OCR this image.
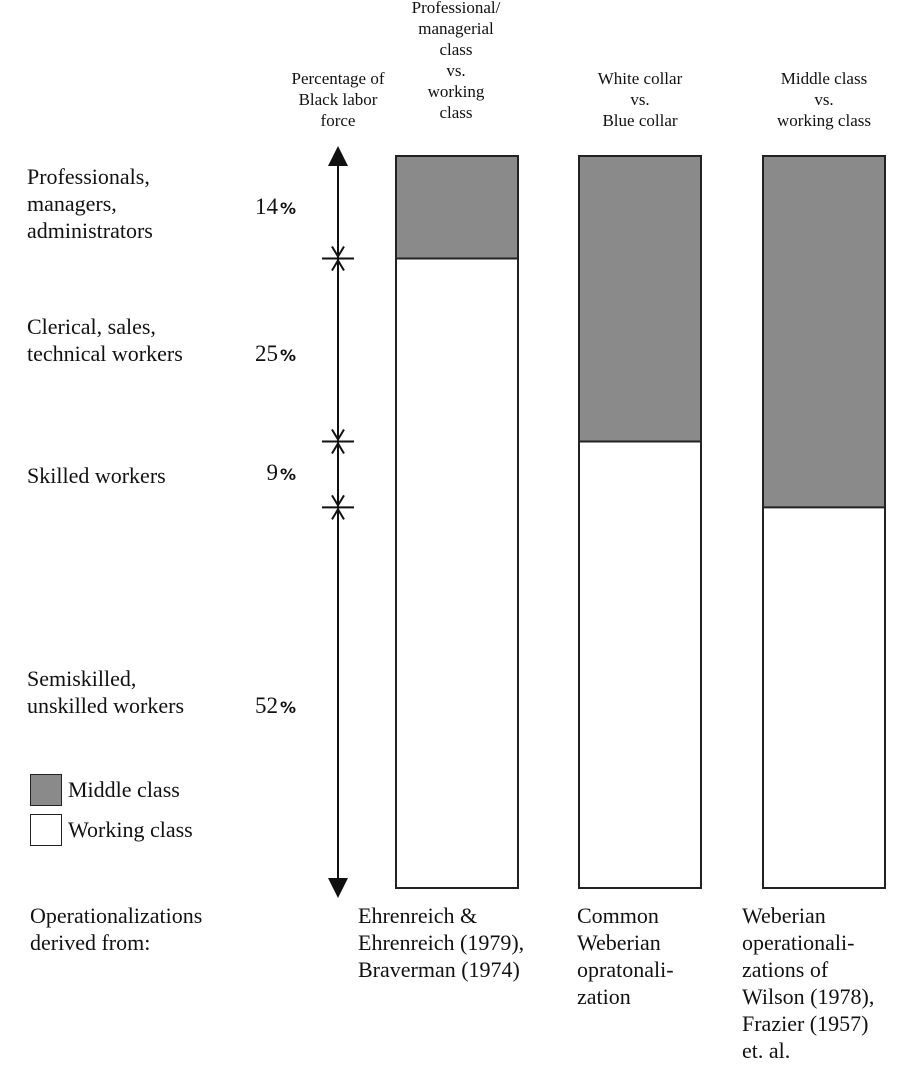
Percentage of
Black labor
force
Professional/
managerial
class
vs.
working
class
White collar
vs.
Blue collar
Middle class
vs.
working class
Professionals,
managers,
administrators
Clerical, sales,
technical workers
Skilled workers
Semiskilled,
unskilled workers
14 %
25 %
9 %
52 %
Middle class
Working class
Operationalizations
derived from:
Ehrenreich &
Ehrenreich (1979),
Braverman (1974)
Common
Weberian
opratonali-
zation
Weberian
operationali-
zations of
Wilson (1978),
Frazier (1957)
et. al.
